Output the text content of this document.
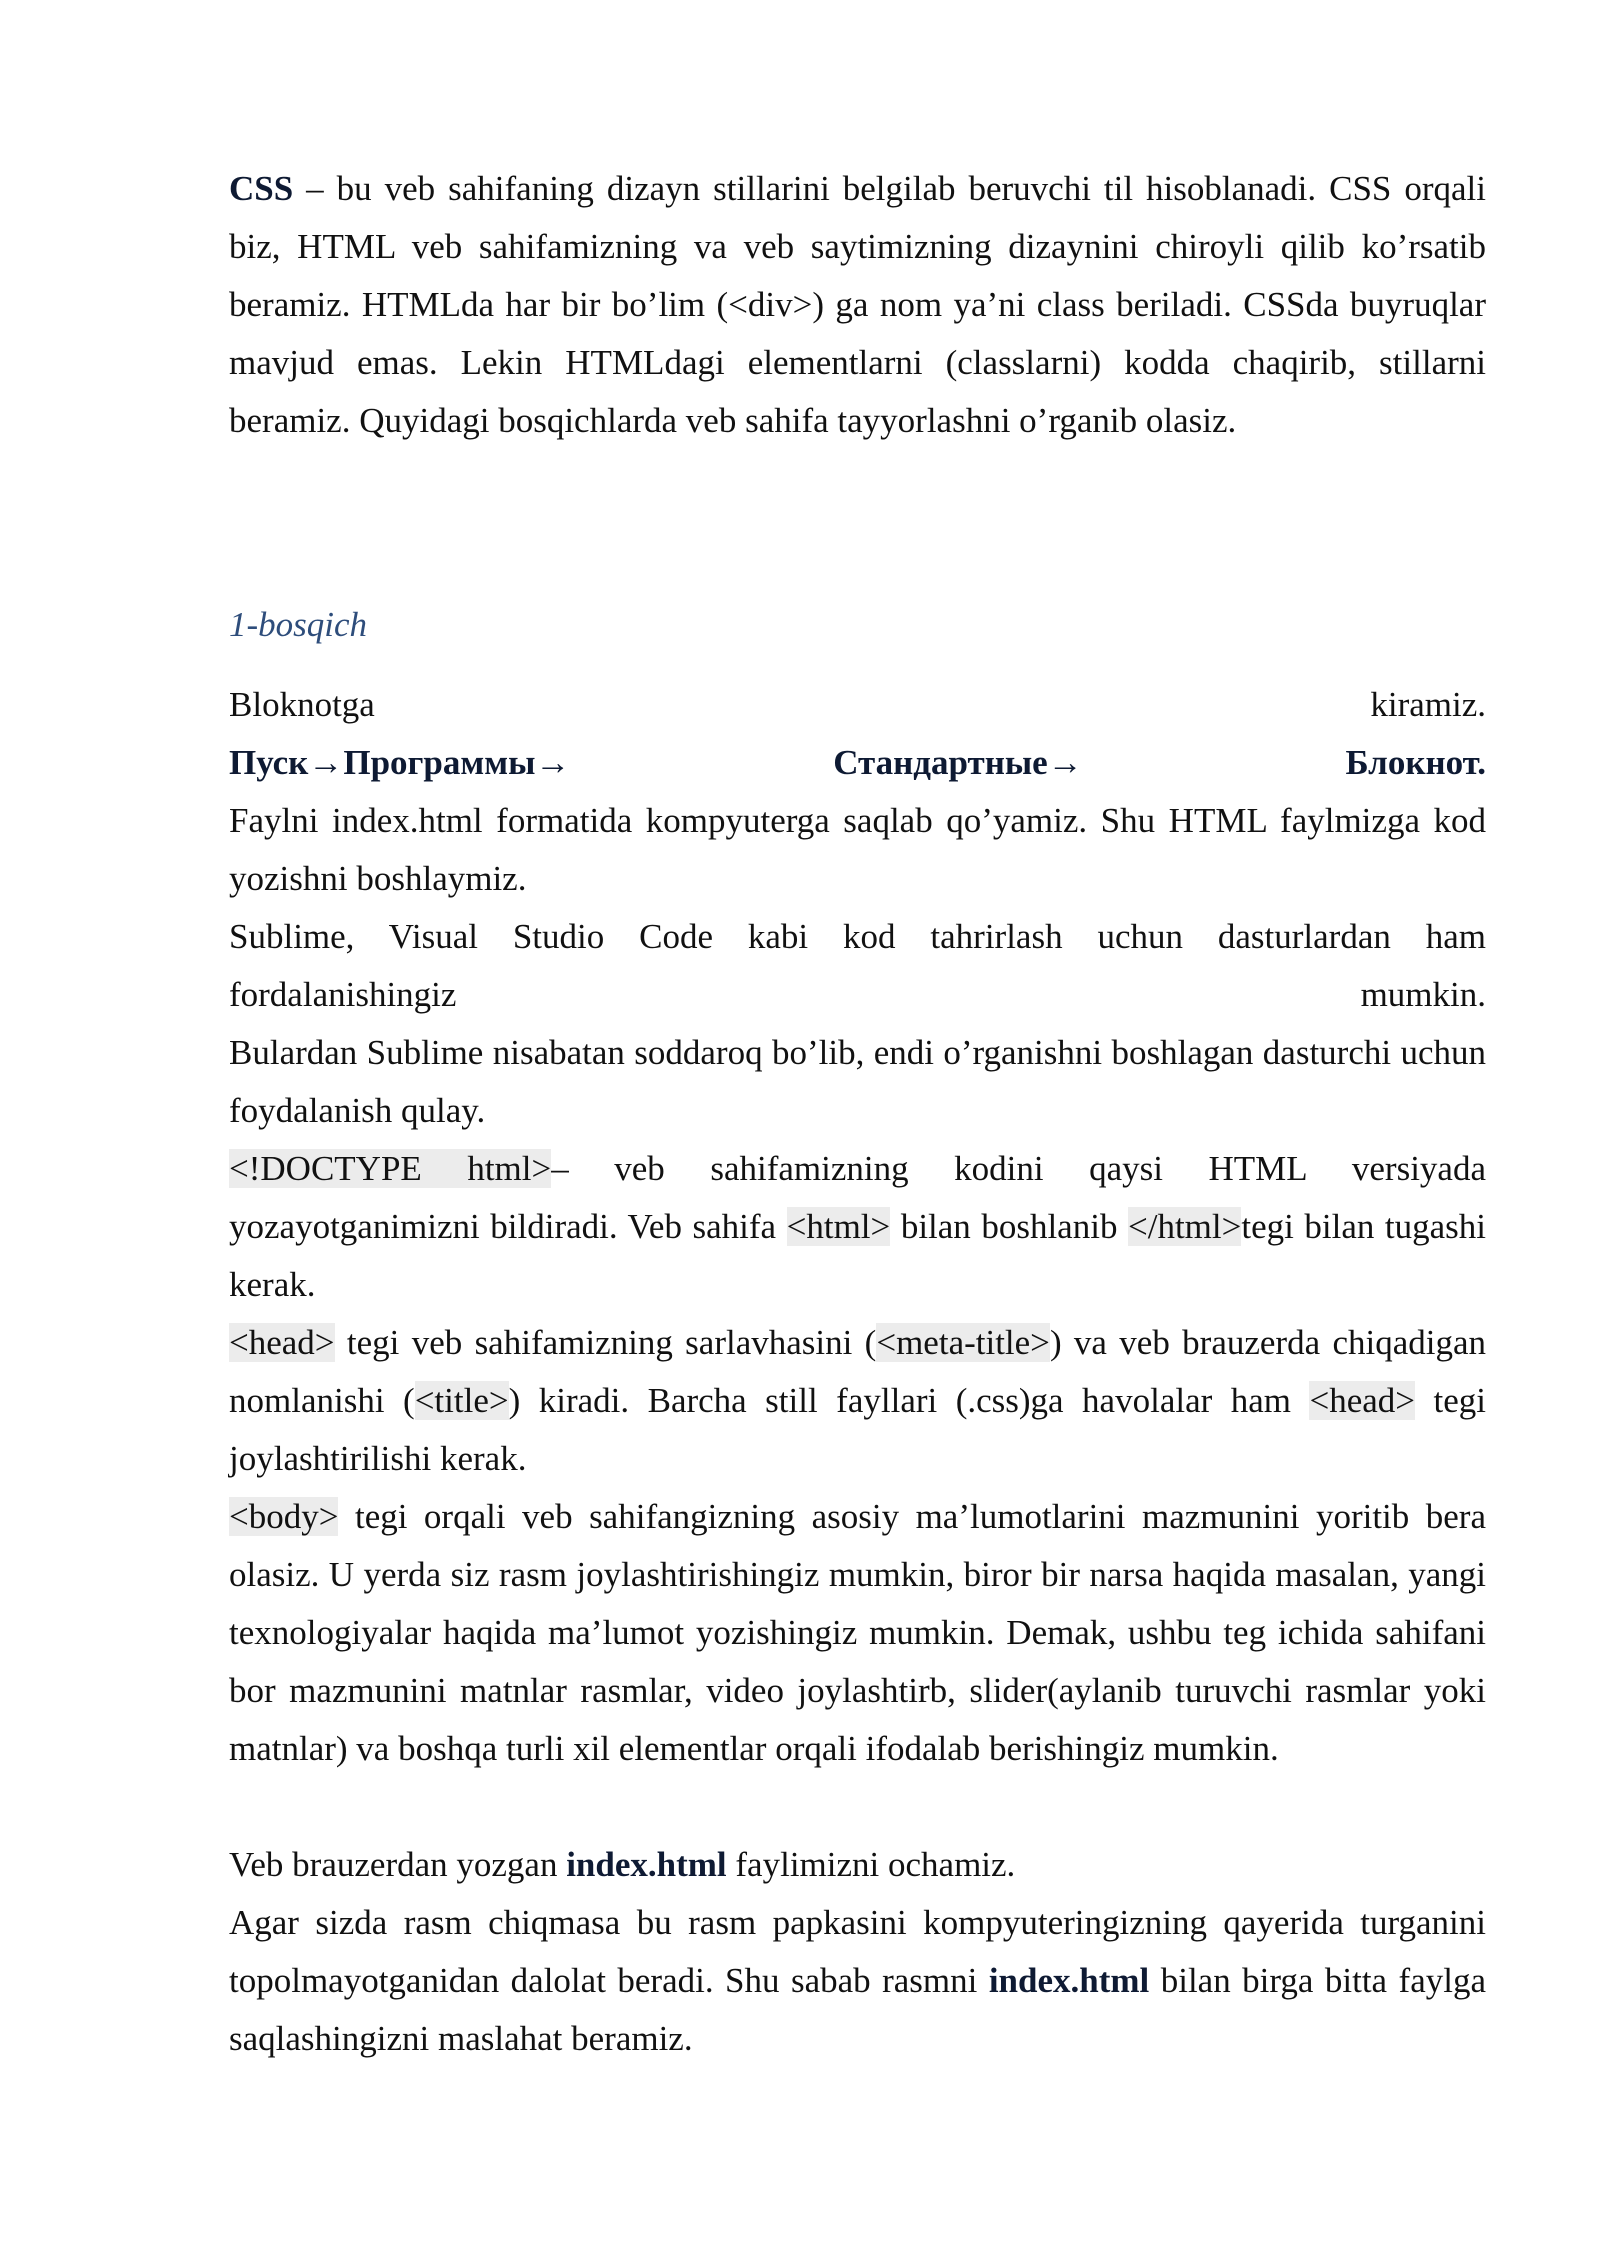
CSS – bu veb sahifaning dizayn stillarini belgilab beruvchi til hisoblanadi. CSS orqali biz, HTML veb sahifamizning va veb saytimizning dizaynini chiroyli qilib ko’rsatib beramiz. HTMLda har bir bo’lim (<div>) ga nom ya’ni class beriladi. CSSda buyruqlar mavjud emas. Lekin HTMLdagi elementlarni (classlarni) kodda chaqirib, stillarni beramiz. Quyidagi bosqichlarda veb sahifa tayyorlashni o’rganib olasiz.

1-bosqich
Bloknotga	kiramiz.
Пуск→Программы→	Стандартные→	Блокнот.

Faylni index.html formatida kompyuterga saqlab qo’yamiz. Shu HTML faylmizga kod yozishni boshlaymiz.

Sublime, Visual Studio Code kabi kod tahrirlash uchun dasturlardan ham

fordalanishingiz	mumkin.

Bulardan Sublime nisabatan soddaroq bo’lib, endi o’rganishni boshlagan dasturchi uchun foydalanish qulay.

<!DOCTYPE html>– veb sahifamizning kodini qaysi HTML versiyada yozayotganimizni bildiradi. Veb sahifa <html> bilan boshlanib </html>tegi bilan tugashi kerak.

<head> tegi veb sahifamizning sarlavhasini (<meta-title>) va veb brauzerda chiqadigan nomlanishi (<title>) kiradi. Barcha still fayllari (.css)ga havolalar ham <head> tegi joylashtirilishi kerak.

<body> tegi orqali veb sahifangizning asosiy ma’lumotlarini mazmunini yoritib bera olasiz. U yerda siz rasm joylashtirishingiz mumkin, biror bir narsa haqida masalan, yangi texnologiyalar haqida ma’lumot yozishingiz mumkin. Demak, ushbu teg ichida sahifani bor mazmunini matnlar rasmlar, video joylashtirb, slider(aylanib turuvchi rasmlar yoki matnlar) va boshqa turli xil elementlar orqali ifodalab berishingiz mumkin.

Veb brauzerdan yozgan index.html faylimizni ochamiz.

Agar sizda rasm chiqmasa bu rasm papkasini kompyuteringizning qayerida turganini topolmayotganidan dalolat beradi. Shu sabab rasmni index.html bilan birga bitta faylga saqlashingizni maslahat beramiz.
